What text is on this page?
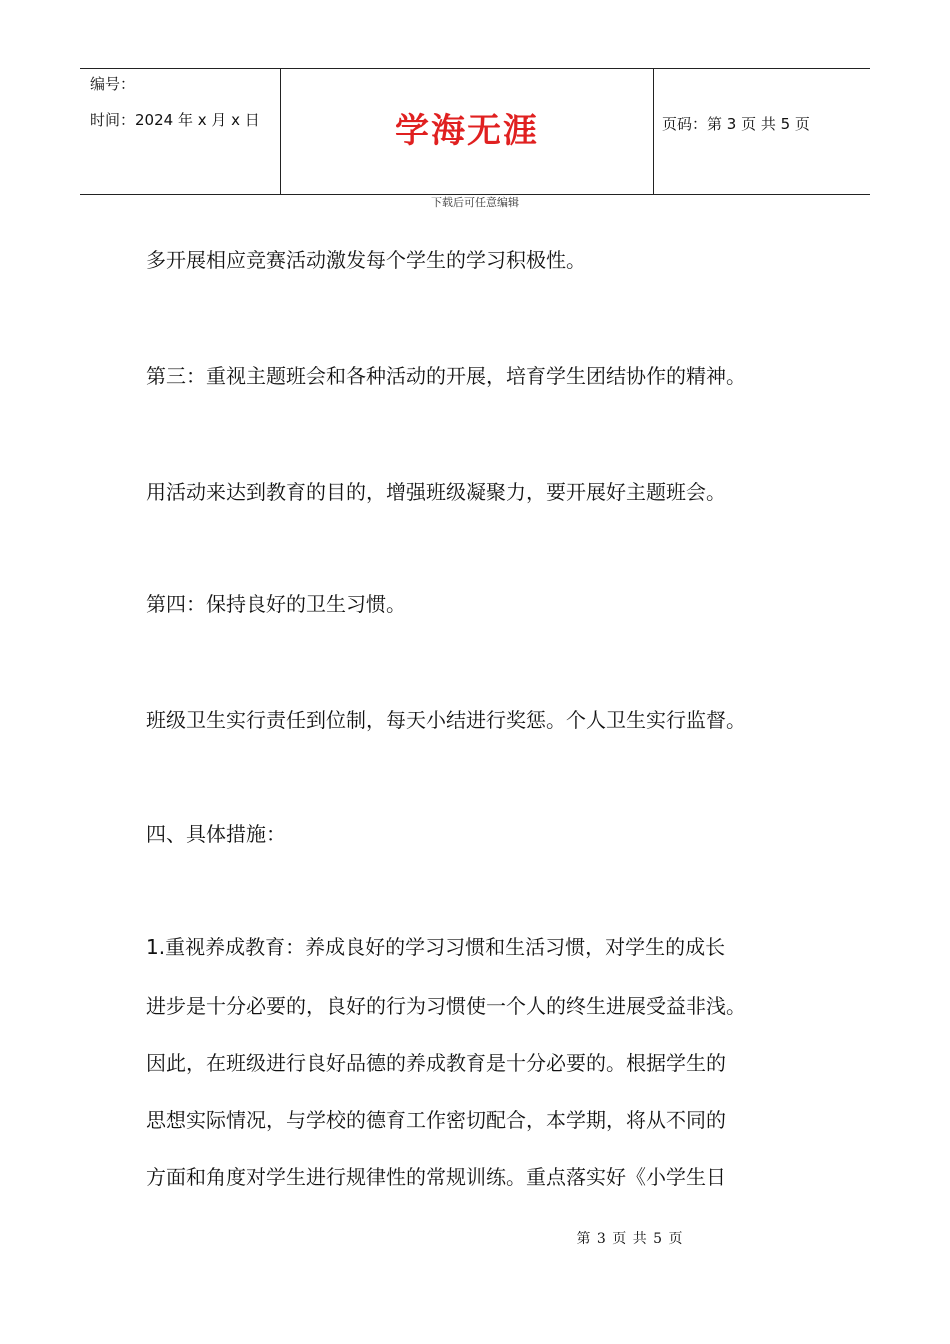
编号：
时间：2024 年 x 月 x 日	学海无涯	页码：第 3 页 共 5 页
下载后可任意编辑
多开展相应竞赛活动激发每个学生的学习积极性。
第三：重视主题班会和各种活动的开展，培育学生团结协作的精神。
用活动来达到教育的目的，增强班级凝聚力，要开展好主题班会。
第四：保持良好的卫生习惯。
班级卫生实行责任到位制，每天小结进行奖惩。个人卫生实行监督。
四、具体措施：
1.重视养成教育：养成良好的学习习惯和生活习惯，对学生的成长
进步是十分必要的，良好的行为习惯使一个人的终生进展受益非浅。
因此，在班级进行良好品德的养成教育是十分必要的。根据学生的
思想实际情况，与学校的德育工作密切配合，本学期，将从不同的
方面和角度对学生进行规律性的常规训练。重点落实好《小学生日
第 3 页 共 5 页
